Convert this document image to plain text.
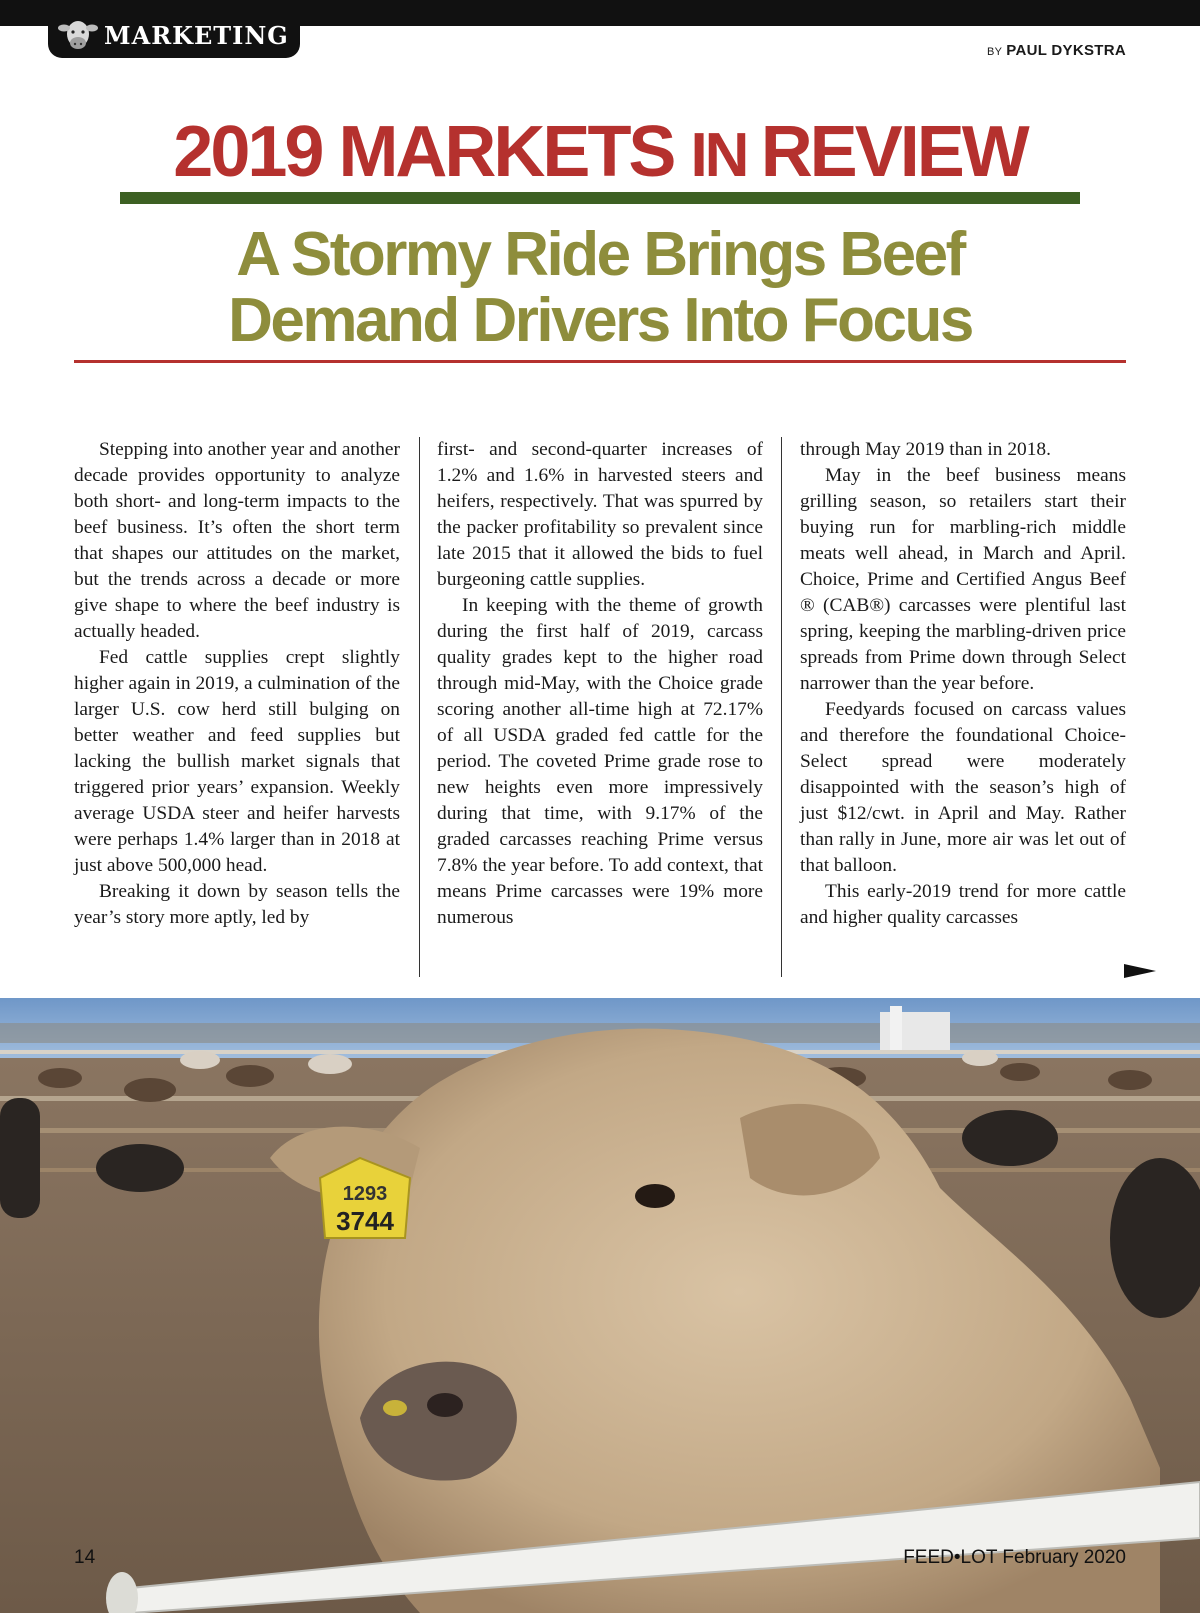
MARKETING
BY PAUL DYKSTRA
2019 MARKETS IN REVIEW
A Stormy Ride Brings Beef
Demand Drivers Into Focus

Stepping into another year and another decade provides opportunity to analyze both short- and long-term impacts to the beef business. It’s often the short term that shapes our attitudes on the market, but the trends across a decade or more give shape to where the beef industry is actually headed.

Fed cattle supplies crept slightly higher again in 2019, a culmination of the larger U.S. cow herd still bulging on better weather and feed supplies but lacking the bullish market signals that triggered prior years’ expansion. Weekly average USDA steer and heifer harvests were perhaps 1.4% larger than in 2018 at just above 500,000 head.

Breaking it down by season tells the year’s story more aptly, led by

first- and second-quarter increases of 1.2% and 1.6% in harvested steers and heifers, respectively. That was spurred by the packer profitability so prevalent since late 2015 that it allowed the bids to fuel burgeoning cattle supplies.

In keeping with the theme of growth during the first half of 2019, carcass quality grades kept to the higher road through mid-May, with the Choice grade scoring another all-time high at 72.17% of all USDA graded fed cattle for the period. The coveted Prime grade rose to new heights even more impressively during that time, with 9.17% of the graded carcasses reaching Prime versus 7.8% the year before. To add context, that means Prime carcasses were 19% more numerous

through May 2019 than in 2018.

May in the beef business means grilling season, so retailers start their buying run for marbling-rich middle meats well ahead, in March and April. Choice, Prime and Certified Angus Beef ® (CAB®) carcasses were plentiful last spring, keeping the marbling-driven price spreads from Prime down through Select narrower than the year before.

Feedyards focused on carcass values and therefore the foundational Choice-Select spread were moderately disappointed with the season’s high of just $12/cwt. in April and May. Rather than rally in June, more air was let out of that balloon.

This early-2019 trend for more cattle and higher quality carcasses

1293
3744
14	FEED•LOT February 2020
